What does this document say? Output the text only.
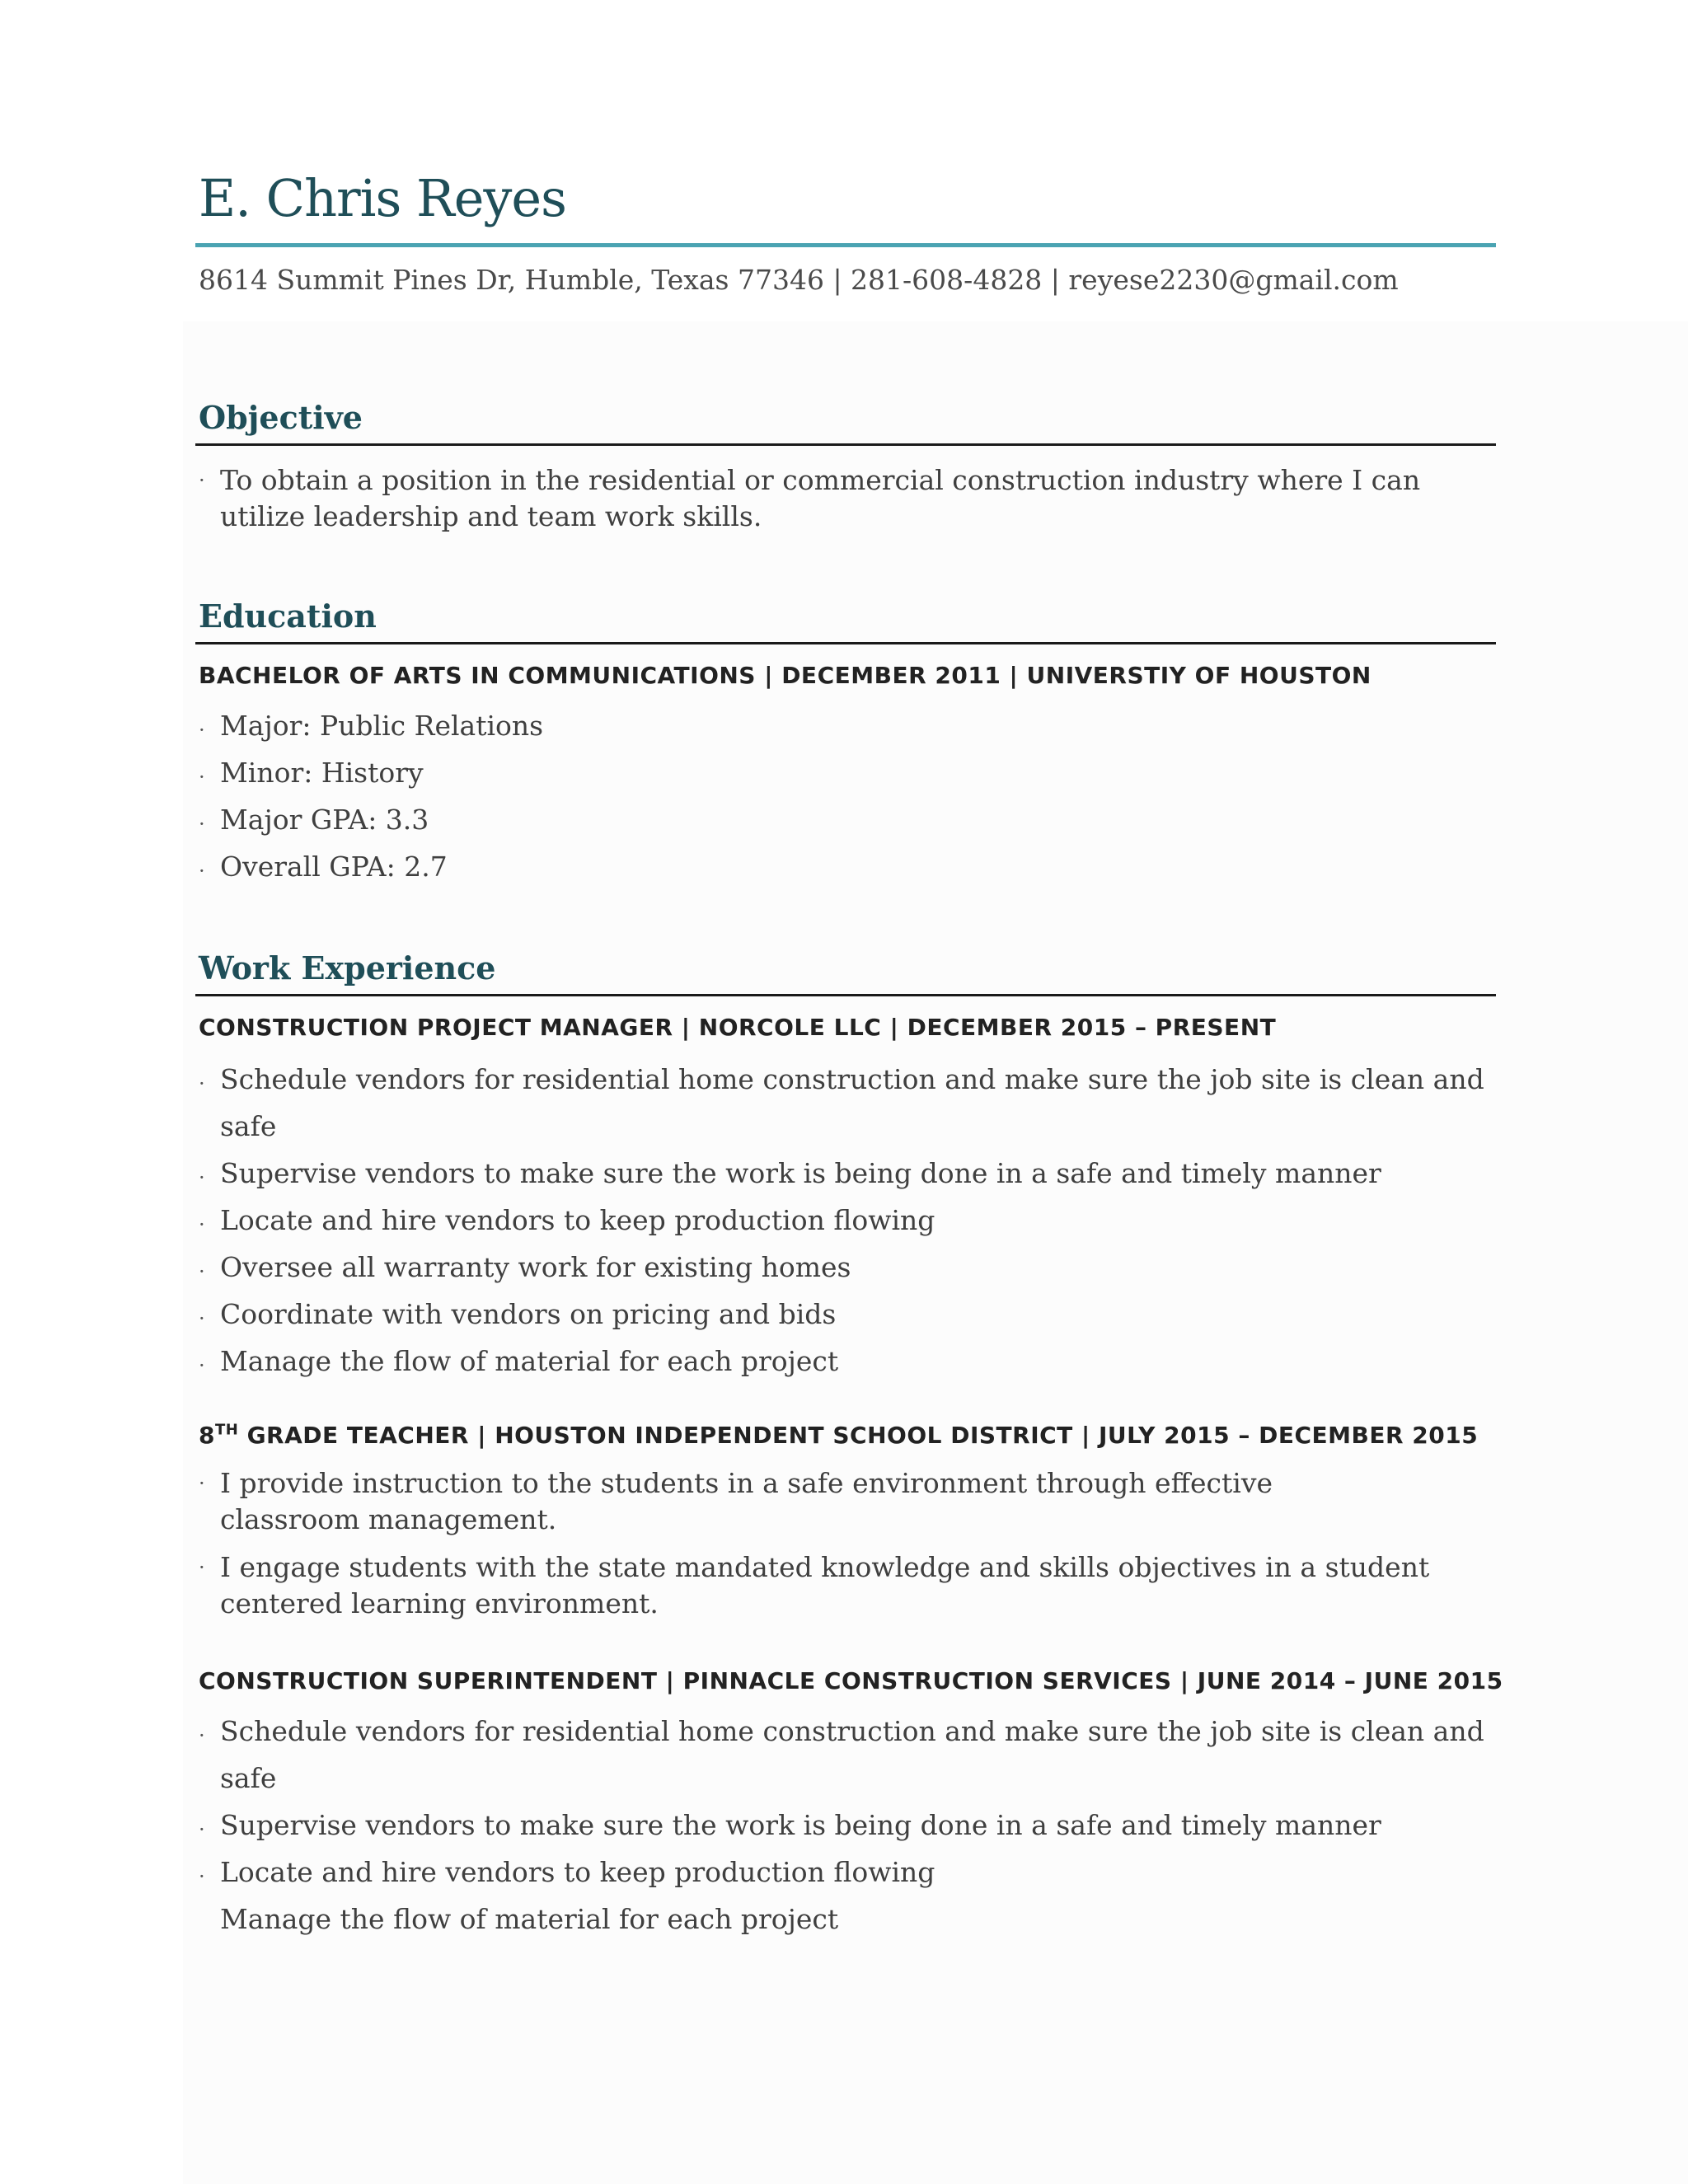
E. Chris Reyes
8614 Summit Pines Dr, Humble, Texas 77346 | 281-608-4828 | reyese2230@gmail.com
Objective
· To obtain a position in the residential or commercial construction industry where I can utilize leadership and team work skills.
Education
BACHELOR OF ARTS IN COMMUNICATIONS | DECEMBER 2011 | UNIVERSTIY OF HOUSTON
· Major: Public Relations
· Minor: History
· Major GPA: 3.3
· Overall GPA: 2.7
Work Experience
CONSTRUCTION PROJECT MANAGER | NORCOLE LLC | DECEMBER 2015 – PRESENT
· Schedule vendors for residential home construction and make sure the job site is clean and safe
· Supervise vendors to make sure the work is being done in a safe and timely manner
· Locate and hire vendors to keep production flowing
· Oversee all warranty work for existing homes
· Coordinate with vendors on pricing and bids
· Manage the flow of material for each project
8TH GRADE TEACHER | HOUSTON INDEPENDENT SCHOOL DISTRICT | JULY 2015 – DECEMBER 2015
· I provide instruction to the students in a safe environment through effective classroom management.
· I engage students with the state mandated knowledge and skills objectives in a student centered learning environment.
CONSTRUCTION SUPERINTENDENT | PINNACLE CONSTRUCTION SERVICES | JUNE 2014 – JUNE 2015
· Schedule vendors for residential home construction and make sure the job site is clean and safe
· Supervise vendors to make sure the work is being done in a safe and timely manner
· Locate and hire vendors to keep production flowing
Manage the flow of material for each project
